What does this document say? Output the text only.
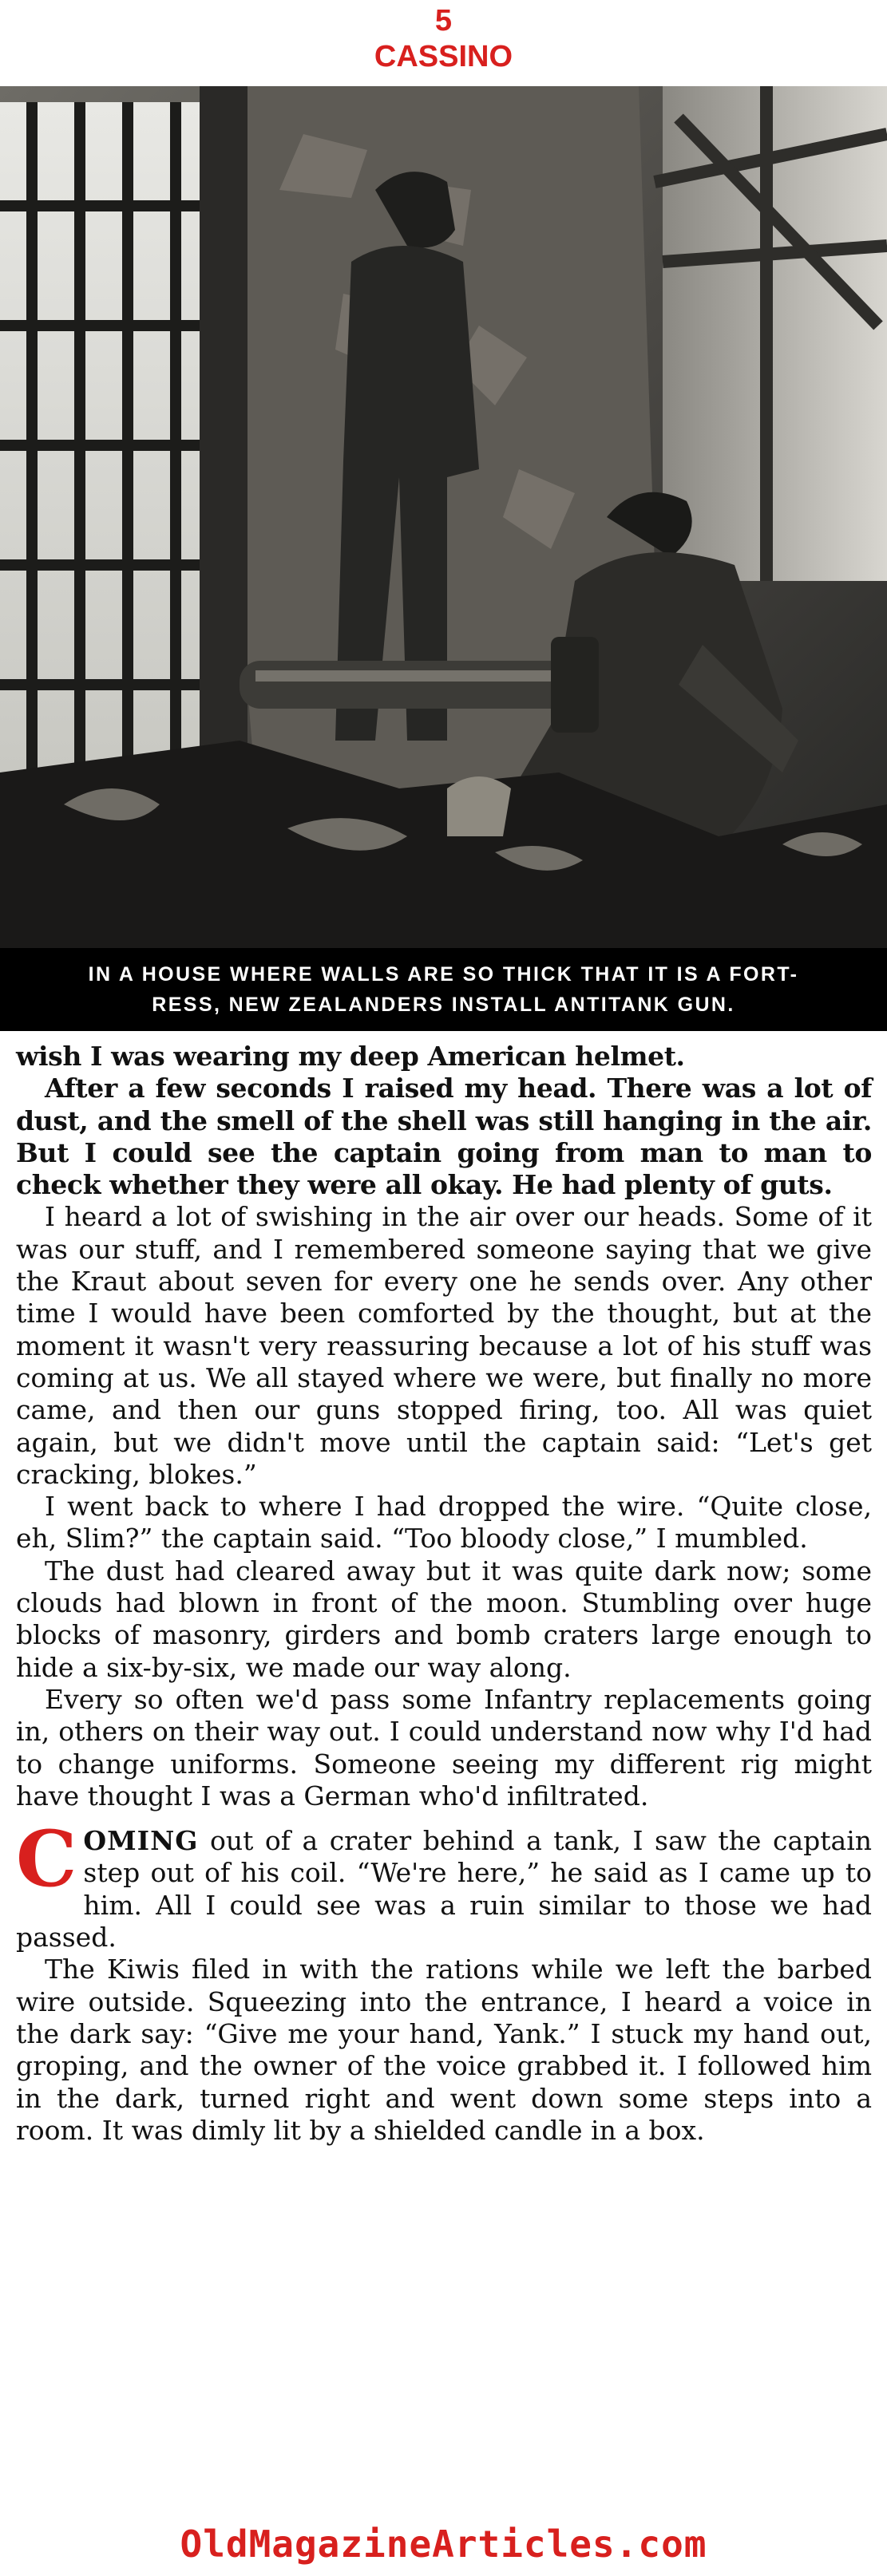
5
CASSINO
IN A HOUSE WHERE WALLS ARE SO THICK THAT IT IS A FORT-
RESS, NEW ZEALANDERS INSTALL ANTITANK GUN.

wish I was wearing my deep American helmet.

After a few seconds I raised my head. There was a lot of dust, and the smell of the shell was still hanging in the air. But I could see the captain going from man to man to check whether they were all okay. He had plenty of guts.

I heard a lot of swishing in the air over our heads. Some of it was our stuff, and I remembered someone saying that we give the Kraut about seven for every one he sends over. Any other time I would have been comforted by the thought, but at the moment it wasn't very reassuring because a lot of his stuff was coming at us. We all stayed where we were, but finally no more came, and then our guns stopped firing, too. All was quiet again, but we didn't move until the captain said: “Let's get cracking, blokes.”

I went back to where I had dropped the wire. “Quite close, eh, Slim?” the captain said. “Too bloody close,” I mumbled.

The dust had cleared away but it was quite dark now; some clouds had blown in front of the moon. Stumbling over huge blocks of masonry, girders and bomb craters large enough to hide a six-by-six, we made our way along.

Every so often we'd pass some Infantry replacements going in, others on their way out. I could understand now why I'd had to change uniforms. Someone seeing my different rig might have thought I was a German who'd infiltrated.

COMING out of a crater behind a tank, I saw the captain step out of his coil. “We're here,” he said as I came up to him. All I could see was a ruin similar to those we had passed.

The Kiwis filed in with the rations while we left the barbed wire outside. Squeezing into the entrance, I heard a voice in the dark say: “Give me your hand, Yank.” I stuck my hand out, groping, and the owner of the voice grabbed it. I followed him in the dark, turned right and went down some steps into a room. It was dimly lit by a shielded candle in a box.

OldMagazineArticles.com
